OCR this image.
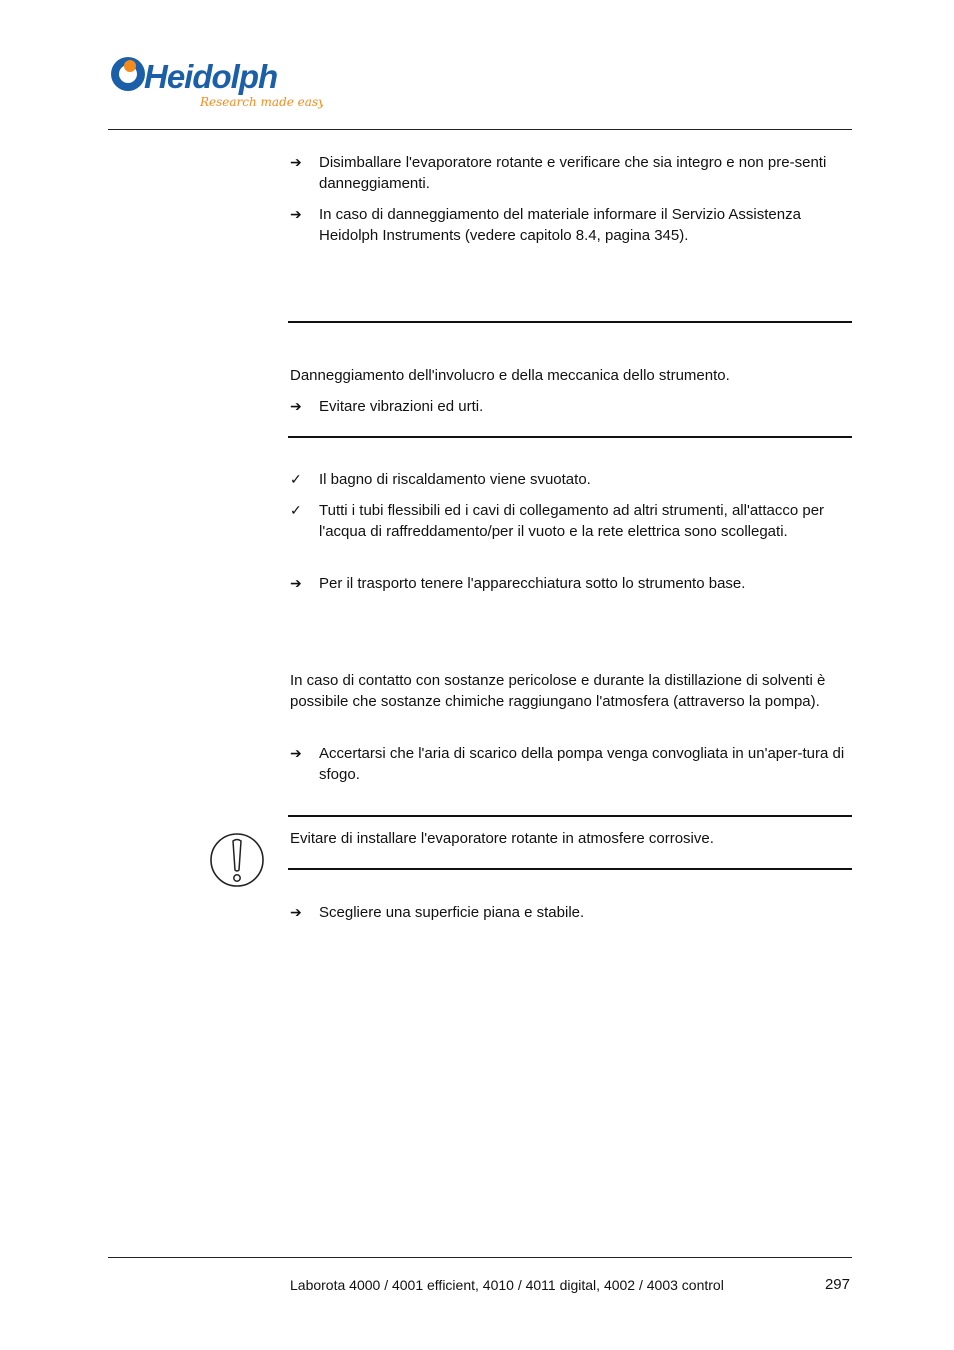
Heidolph
Research made easy
➔	Disimballare l'evaporatore rotante e verificare che sia integro e non pre-senti danneggiamenti.
➔	In caso di danneggiamento del materiale informare il Servizio Assistenza Heidolph Instruments (vedere capitolo 8.4, pagina 345).
Danneggiamento dell'involucro e della meccanica dello strumento.
➔	Evitare vibrazioni ed urti.
✓	Il bagno di riscaldamento viene svuotato.
✓	Tutti i tubi flessibili ed i cavi di collegamento ad altri strumenti, all'attacco per l'acqua di raffreddamento/per il vuoto e la rete elettrica sono scollegati.
➔	Per il trasporto tenere l'apparecchiatura sotto lo strumento base.
In caso di contatto con sostanze pericolose e durante la distillazione di solventi è possibile che sostanze chimiche raggiungano l'atmosfera (attraverso la pompa).
➔	Accertarsi che l'aria di scarico della pompa venga convogliata in un'aper-tura di sfogo.
Evitare di installare l'evaporatore rotante in atmosfere corrosive.
➔	Scegliere una superficie piana e stabile.
Laborota 4000 / 4001 efficient, 4010 / 4011 digital, 4002 / 4003 control	297
